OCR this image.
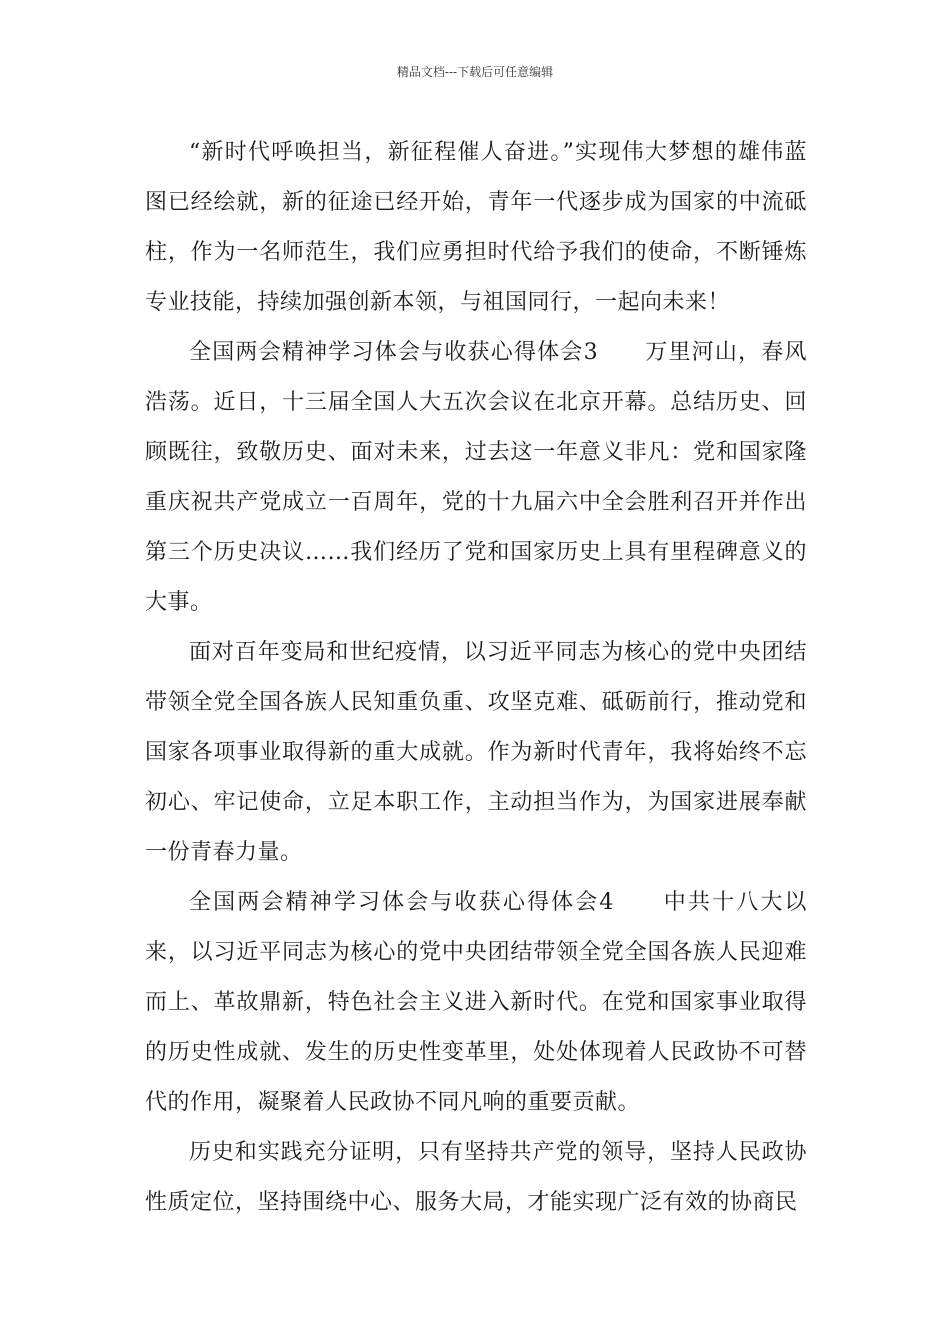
精品文档---下载后可任意编辑

“新时代呼唤担当，新征程催人奋进。”实现伟大梦想的雄伟蓝图已经绘就，新的征途已经开始，青年一代逐步成为国家的中流砥柱，作为一名师范生，我们应勇担时代给予我们的使命，不断锤炼专业技能，持续加强创新本领，与祖国同行，一起向未来！

全国两会精神学习体会与收获心得体会3　　万里河山，春风浩荡。近日，十三届全国人大五次会议在北京开幕。总结历史、回顾既往，致敬历史、面对未来，过去这一年意义非凡：党和国家隆重庆祝共产党成立一百周年，党的十九届六中全会胜利召开并作出第三个历史决议……我们经历了党和国家历史上具有里程碑意义的大事。

面对百年变局和世纪疫情，以习近平同志为核心的党中央团结带领全党全国各族人民知重负重、攻坚克难、砥砺前行，推动党和国家各项事业取得新的重大成就。作为新时代青年，我将始终不忘初心、牢记使命，立足本职工作，主动担当作为，为国家进展奉献一份青春力量。

全国两会精神学习体会与收获心得体会4　　中共十八大以来，以习近平同志为核心的党中央团结带领全党全国各族人民迎难而上、革故鼎新，特色社会主义进入新时代。在党和国家事业取得的历史性成就、发生的历史性变革里，处处体现着人民政协不可替代的作用，凝聚着人民政协不同凡响的重要贡献。

历史和实践充分证明，只有坚持共产党的领导，坚持人民政协性质定位，坚持围绕中心、服务大局，才能实现广泛有效的协商民
